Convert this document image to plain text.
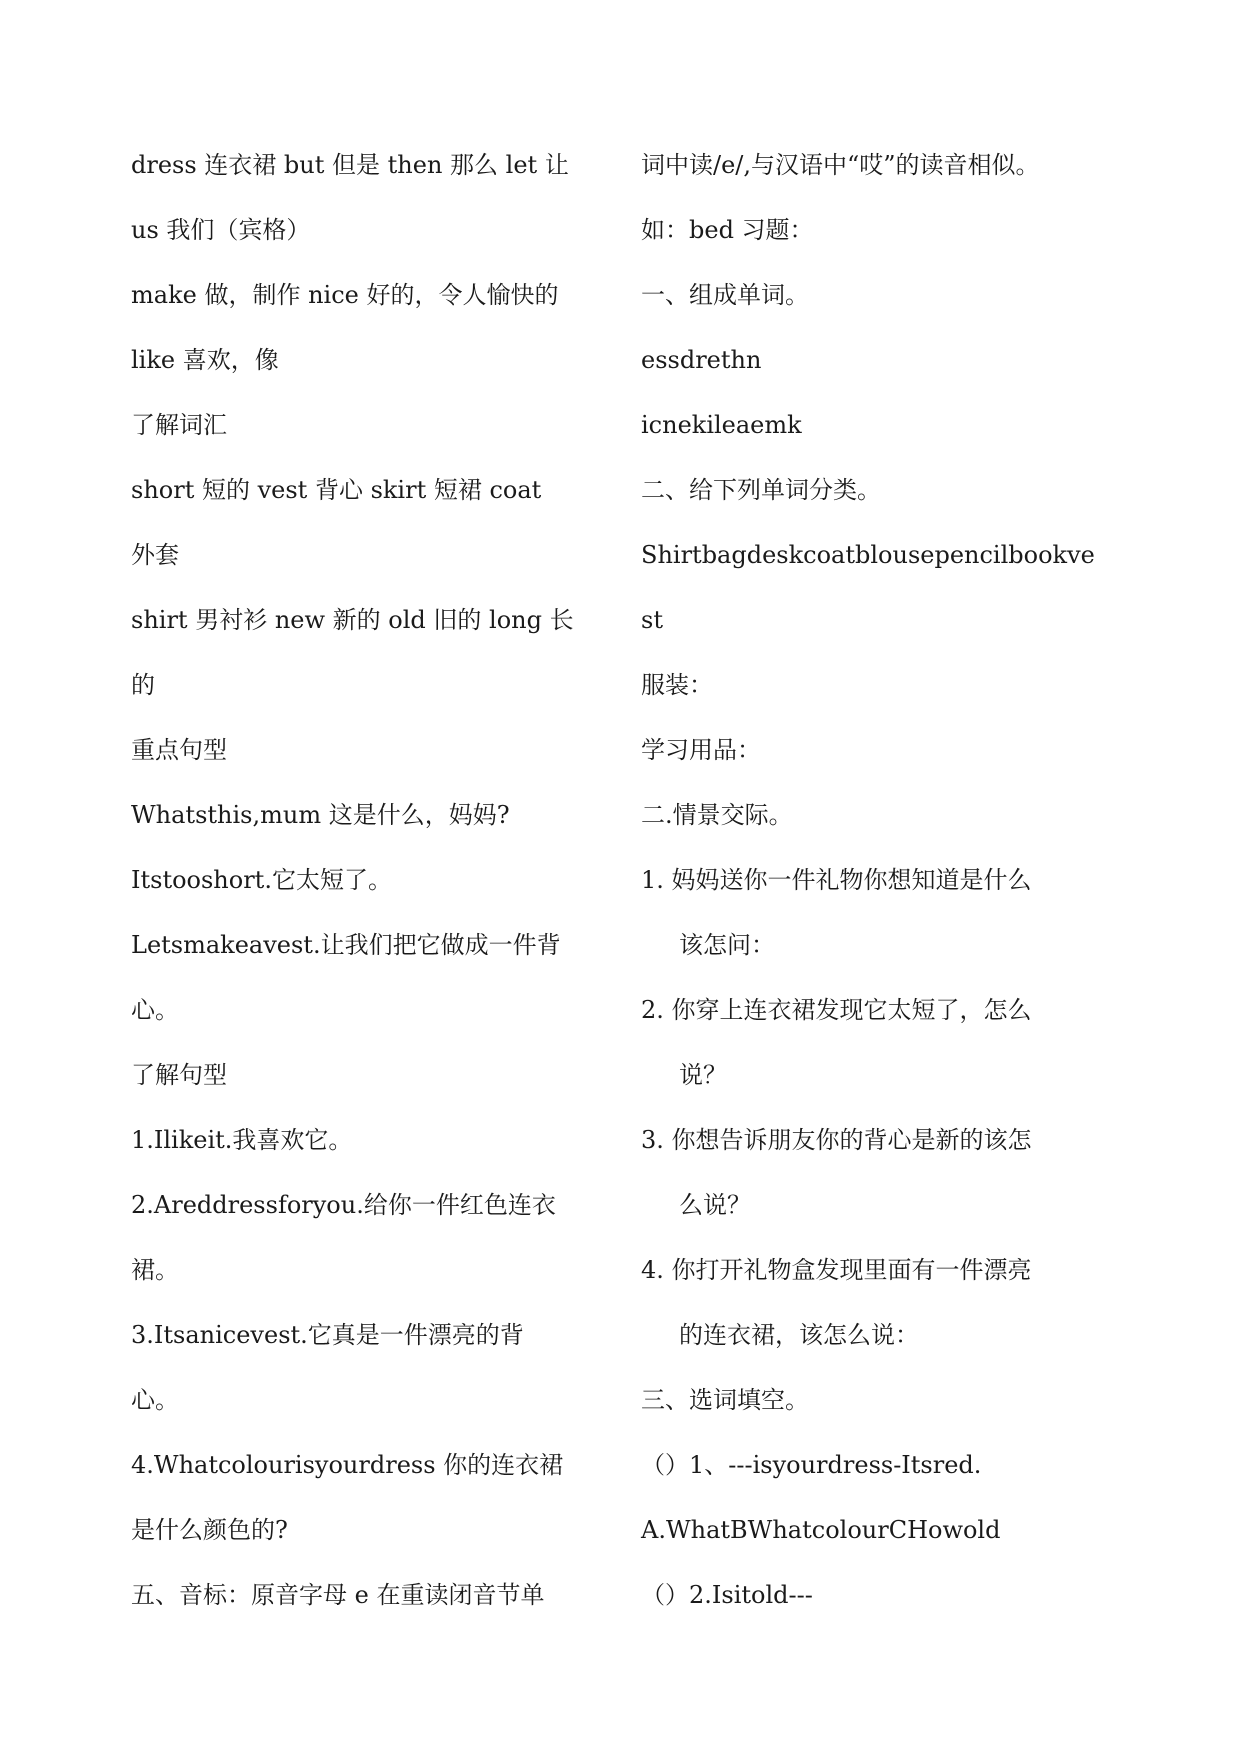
dress 连衣裙 but 但是 then 那么 let 让
us 我们（宾格）
make 做，制作 nice 好的，令人愉快的
like 喜欢，像
了解词汇
short 短的 vest 背心 skirt 短裙 coat
外套
shirt 男衬衫 new 新的 old 旧的 long 长
的
重点句型
Whatsthis,mum 这是什么，妈妈?
Itstooshort.它太短了。
Letsmakeavest.让我们把它做成一件背
心。
了解句型
1.Ilikeit.我喜欢它。
2.Areddressforyou.给你一件红色连衣
裙。
3.Itsanicevest.它真是一件漂亮的背
心。
4.Whatcolourisyourdress 你的连衣裙
是什么颜色的?
五、音标：原音字母 e 在重读闭音节单
词中读/e/,与汉语中“哎”的读音相似。
如：bed 习题：
一、组成单词。
essdrethn
icnekileaemk
二、给下列单词分类。
Shirtbagdeskcoatblousepencilbookve
st
服装：
学习用品：
二.情景交际。
1. 妈妈送你一件礼物你想知道是什么
该怎问：
2. 你穿上连衣裙发现它太短了，怎么
说？
3. 你想告诉朋友你的背心是新的该怎
么说？
4. 你打开礼物盒发现里面有一件漂亮
的连衣裙，该怎么说：
三、选词填空。
（）1、---isyourdress-Itsred.
A.WhatBWhatcolourCHowold
（）2.Isitold---
